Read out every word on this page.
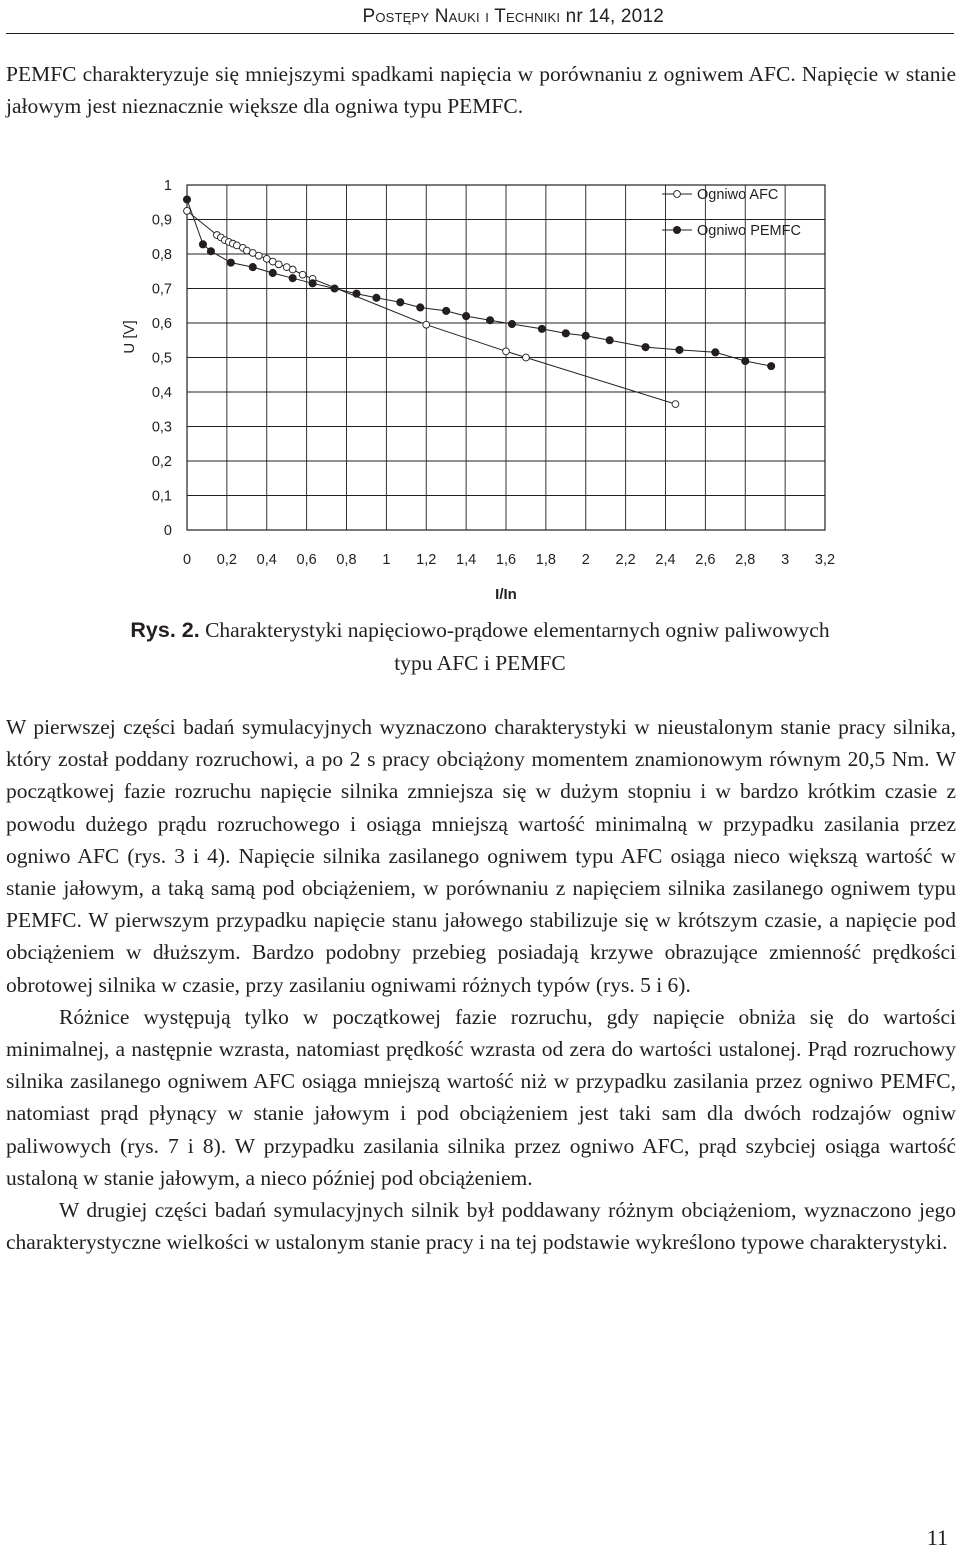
Postępy Nauki i Techniki nr 14, 2012

PEMFC charakteryzuje się mniejszymi spadkami napięcia w porównaniu z ogniwem AFC. Napięcie w stanie jałowym jest nieznacznie większe dla ogniwa typu PEMFC.

0 0,2 0,4 0,6 0,8 1 1,2 1,4 1,6 1,8 2 2,2 2,4 2,6 2,8 3 3,2
0
0,1
0,2
0,3
0,4
0,5
0,6
0,7
0,8
0,9
1
Ogniwo AFC
Ogniwo PEMFC
U [V]
I/In
Rys. 2. Charakterystyki napięciowo-prądowe elementarnych ogniw paliwowych
typu AFC i PEMFC

W pierwszej części badań symulacyjnych wyznaczono charakterystyki w nieustalonym stanie pracy silnika, który został poddany rozruchowi, a po 2 s pracy obciążony momentem znamionowym równym 20,5 Nm. W początkowej fazie rozruchu napięcie silnika zmniejsza się w dużym stopniu i w bardzo krótkim czasie z powodu dużego prądu rozruchowego i osiąga mniejszą wartość minimalną w przypadku zasilania przez ogniwo AFC (rys. 3 i 4). Napięcie silnika zasilanego ogniwem typu AFC osiąga nieco większą wartość w stanie jałowym, a taką samą pod obciążeniem, w porównaniu z napięciem silnika zasilanego ogniwem typu PEMFC. W pierwszym przypadku napięcie stanu jałowego stabilizuje się w krótszym czasie, a napięcie pod obciążeniem w dłuższym. Bardzo podobny przebieg posiadają krzywe obrazujące zmienność prędkości obrotowej silnika w czasie, przy zasilaniu ogniwami różnych typów (rys. 5 i 6).

Różnice występują tylko w początkowej fazie rozruchu, gdy napięcie obniża się do wartości minimalnej, a następnie wzrasta, natomiast prędkość wzrasta od zera do wartości ustalonej. Prąd rozruchowy silnika zasilanego ogniwem AFC osiąga mniejszą wartość niż w przypadku zasilania przez ogniwo PEMFC, natomiast prąd płynący w stanie jałowym i pod obciążeniem jest taki sam dla dwóch rodzajów ogniw paliwowych (rys. 7 i 8). W przypadku zasilania silnika przez ogniwo AFC, prąd szybciej osiąga wartość ustaloną w stanie jałowym, a nieco później pod obciążeniem.

W drugiej części badań symulacyjnych silnik był poddawany różnym obciążeniom, wyznaczono jego charakterystyczne wielkości w ustalonym stanie pracy i na tej podstawie wykreślono typowe charakterystyki.

11
